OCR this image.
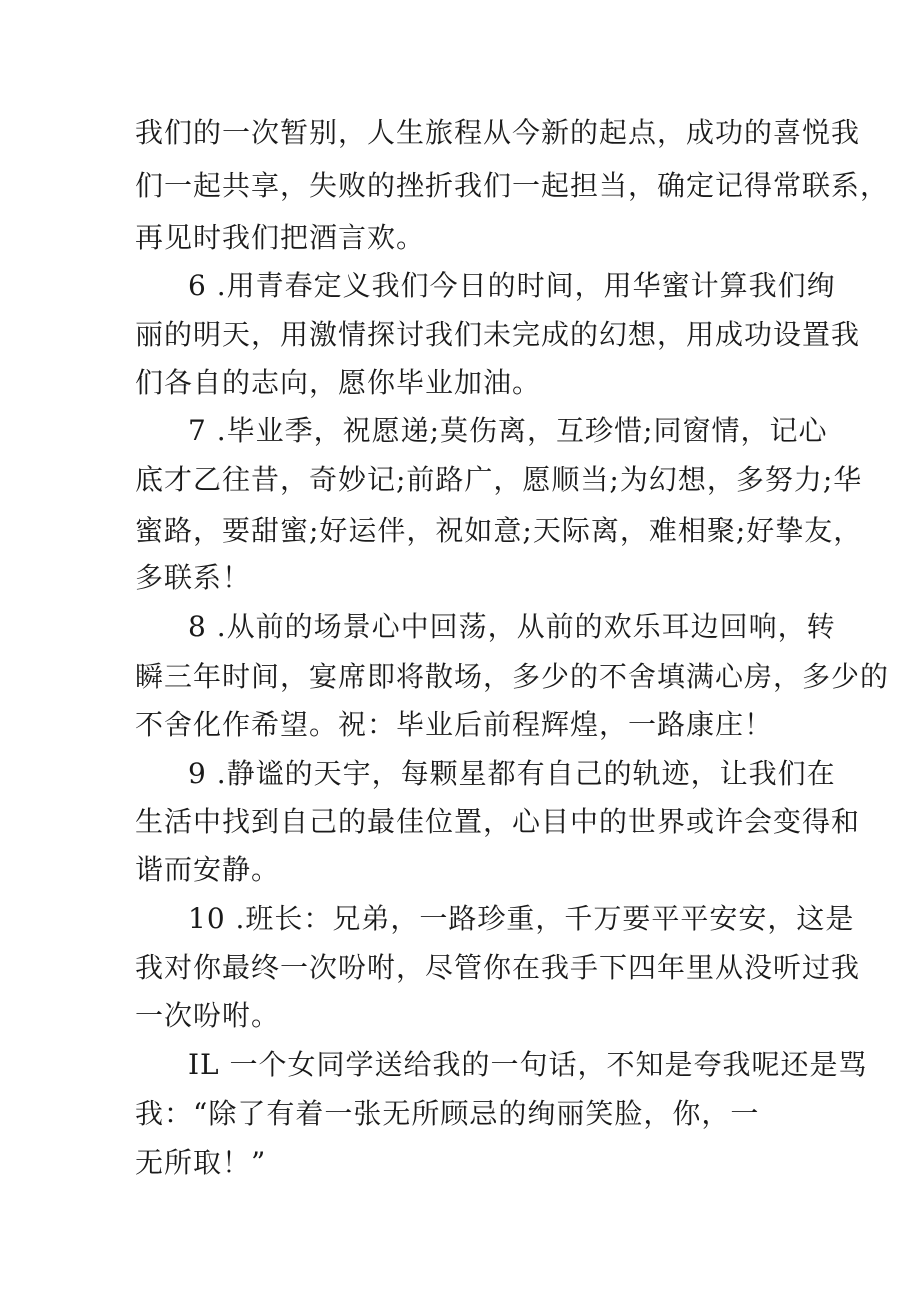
我们的一次暂别，人生旅程从今新的起点，成功的喜悦我
们一起共享，失败的挫折我们一起担当，确定记得常联系，
再见时我们把酒言欢。
6 .用青春定义我们今日的时间，用华蜜计算我们绚
丽的明天，用激情探讨我们未完成的幻想，用成功设置我
们各自的志向，愿你毕业加油。
7 .毕业季，祝愿递;莫伤离，互珍惜;同窗情，记心
底才乙往昔，奇妙记;前路广，愿顺当;为幻想，多努力;华
蜜路，要甜蜜;好运伴，祝如意;天际离，难相聚;好挚友，
多联系！
8 .从前的场景心中回荡，从前的欢乐耳边回响，转
瞬三年时间，宴席即将散场，多少的不舍填满心房，多少的
不舍化作希望。祝：毕业后前程辉煌，一路康庄！
9 .静谧的天宇，每颗星都有自己的轨迹，让我们在
生活中找到自己的最佳位置，心目中的世界或许会变得和
谐而安静。
10 .班长：兄弟，一路珍重，千万要平平安安，这是
我对你最终一次吩咐，尽管你在我手下四年里从没听过我
一次吩咐。
IL 一个女同学送给我的一句话，不知是夸我呢还是骂
我：“除了有着一张无所顾忌的绚丽笑脸，你，一
无所取！”
